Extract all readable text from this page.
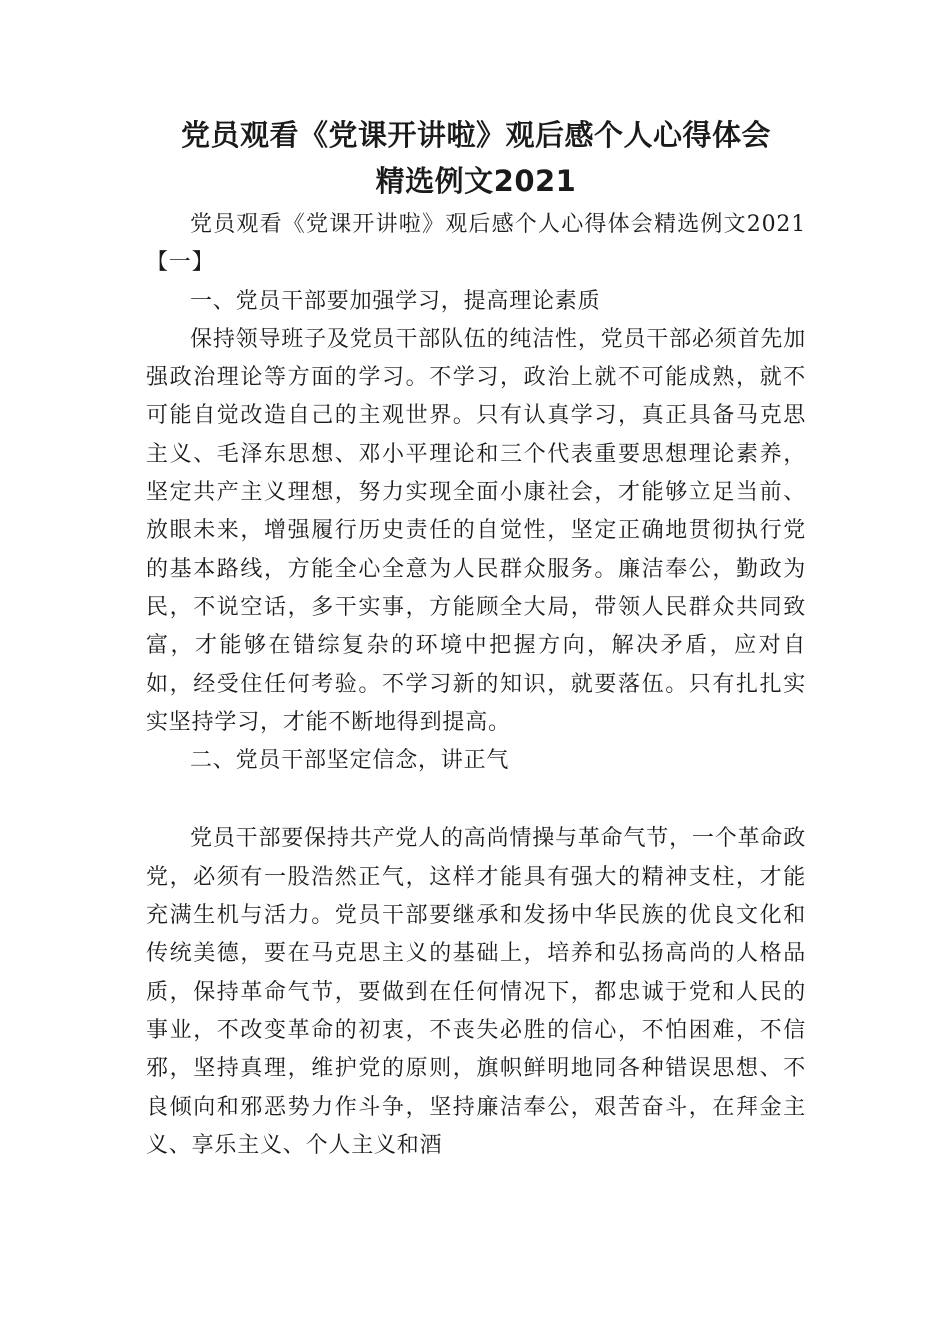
党员观看《党课开讲啦》观后感个人心得体会
精选例文2021

党员观看《党课开讲啦》观后感个人心得体会精选例文2021【一】

一、党员干部要加强学习，提高理论素质

保持领导班子及党员干部队伍的纯洁性，党员干部必须首先加强政治理论等方面的学习。不学习，政治上就不可能成熟，就不可能自觉改造自己的主观世界。只有认真学习，真正具备马克思主义、毛泽东思想、邓小平理论和三个代表重要思想理论素养，坚定共产主义理想，努力实现全面小康社会，才能够立足当前、放眼未来，增强履行历史责任的自觉性，坚定正确地贯彻执行党的基本路线，方能全心全意为人民群众服务。廉洁奉公，勤政为民，不说空话，多干实事，方能顾全大局，带领人民群众共同致富，才能够在错综复杂的环境中把握方向，解决矛盾，应对自如，经受住任何考验。不学习新的知识，就要落伍。只有扎扎实实坚持学习，才能不断地得到提高。

二、党员干部坚定信念，讲正气

党员干部要保持共产党人的高尚情操与革命气节，一个革命政党，必须有一股浩然正气，这样才能具有强大的精神支柱，才能充满生机与活力。党员干部要继承和发扬中华民族的优良文化和传统美德，要在马克思主义的基础上，培养和弘扬高尚的人格品质，保持革命气节，要做到在任何情况下，都忠诚于党和人民的事业，不改变革命的初衷，不丧失必胜的信心，不怕困难，不信邪，坚持真理，维护党的原则，旗帜鲜明地同各种错误思想、不良倾向和邪恶势力作斗争，坚持廉洁奉公，艰苦奋斗，在拜金主义、享乐主义、个人主义和酒
